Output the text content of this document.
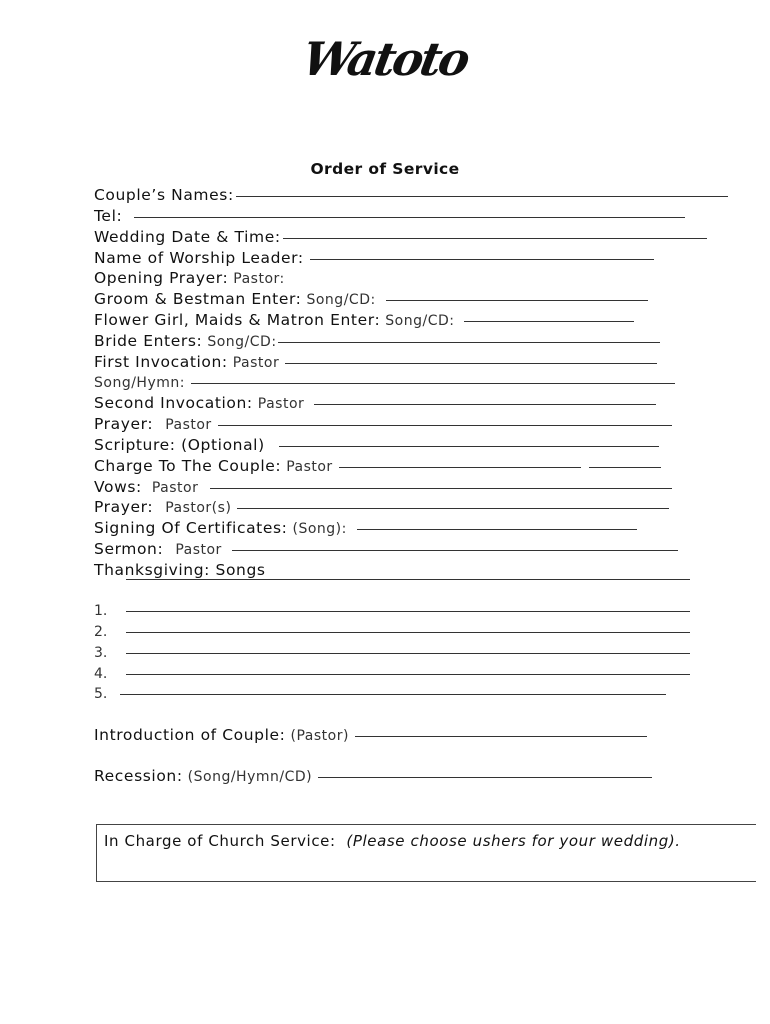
Watoto
Order of Service
Couple’s Names:
Tel:
Wedding Date & Time:
Name of Worship Leader:
Opening Prayer: Pastor:
Groom & Bestman Enter: Song/CD:
Flower Girl, Maids & Matron Enter: Song/CD:
Bride Enters: Song/CD:
First Invocation: Pastor
Song/Hymn:
Second Invocation: Pastor
Prayer: Pastor
Scripture: (Optional)
Charge To The Couple: Pastor
Vows: Pastor
Prayer: Pastor(s)
Signing Of Certificates: (Song):
Sermon: Pastor
Thanksgiving: Songs
1.
2.
3.
4.
5.
Introduction of Couple: (Pastor)
Recession: (Song/Hymn/CD)
In Charge of Church Service: (Please choose ushers for your wedding).
